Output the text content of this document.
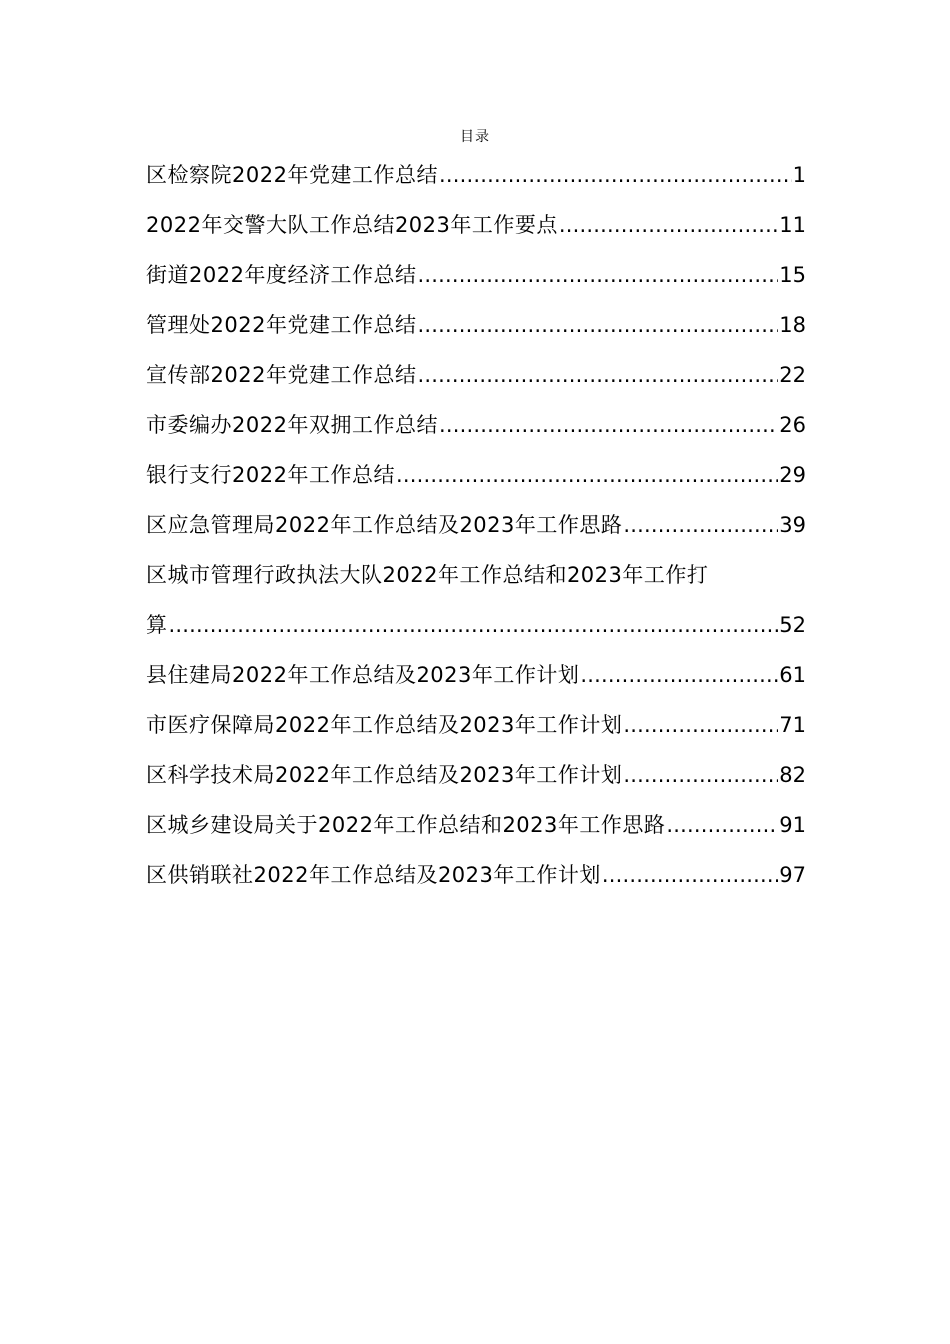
目录
区检察院2022年党建工作总结 .....	1
2022年交警大队工作总结2023年工作要点 .....	11
街道2022年度经济工作总结 .....	15
管理处2022年党建工作总结 .....	18
宣传部2022年党建工作总结 .....	22
市委编办2022年双拥工作总结 .....	26
银行支行2022年工作总结 .....	29
区应急管理局2022年工作总结及2023年工作思路 .....	39
区城市管理行政执法大队2022年工作总结和2023年工作打
算 .....	52
县住建局2022年工作总结及2023年工作计划 .....	61
市医疗保障局2022年工作总结及2023年工作计划 .....	71
区科学技术局2022年工作总结及2023年工作计划 .....	82
区城乡建设局关于2022年工作总结和2023年工作思路 .....	91
区供销联社2022年工作总结及2023年工作计划 .....	97
